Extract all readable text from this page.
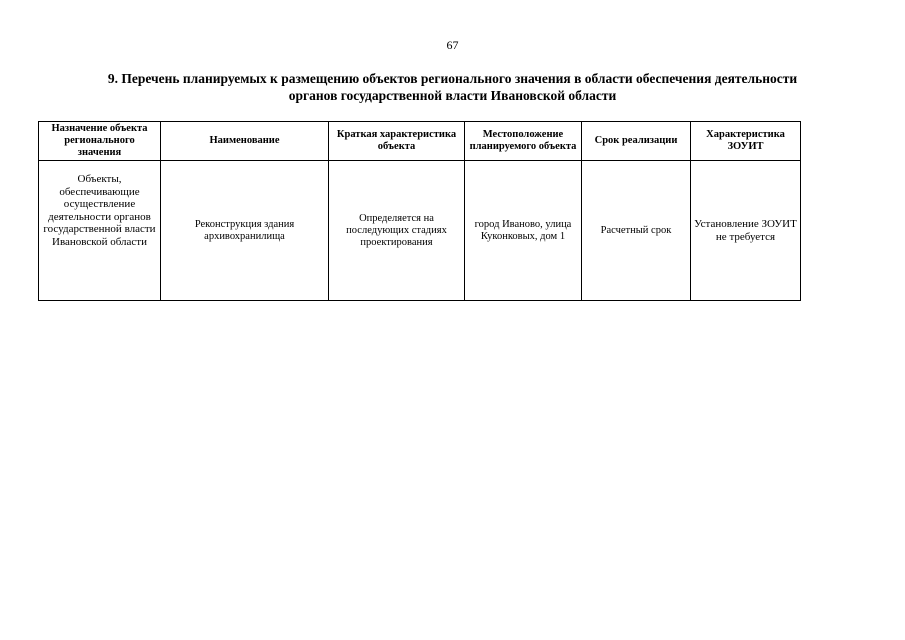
67
9. Перечень планируемых к размещению объектов регионального значения в области обеспечения деятельности
органов государственной власти Ивановской области
Назначение объекта регионального значения	Наименование	Краткая характеристика объекта	Местоположение планируемого объекта	Срок реализации	Характеристика ЗОУИТ
Объекты, обеспечивающие осуществление деятельности органов государственной власти Ивановской области	Реконструкция здания архивохранилища	Определяется на последующих стадиях проектирования	город Иваново, улица Куконковых, дом 1	Расчетный срок	Установление ЗОУИТ не требуется
